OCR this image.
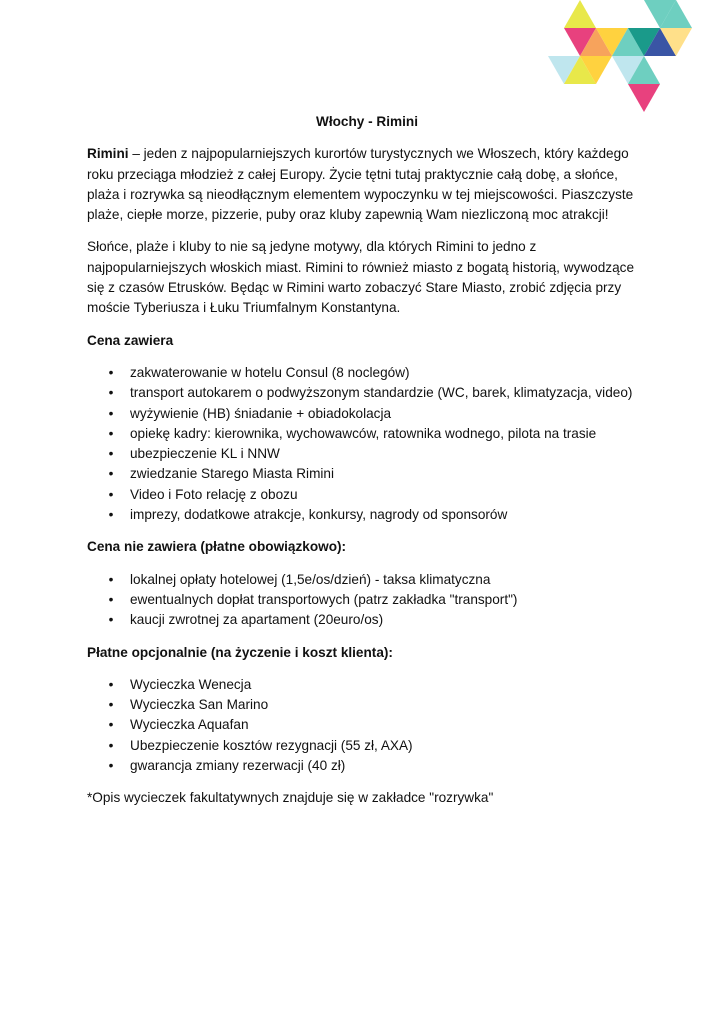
Włochy - Rimini

Rimini – jeden z najpopularniejszych kurortów turystycznych we Włoszech, który każdego roku przeciąga młodzież z całej Europy. Życie tętni tutaj praktycznie całą dobę, a słońce, plaża i rozrywka są nieodłącznym elementem wypoczynku w tej miejscowości. Piaszczyste plaże, ciepłe morze, pizzerie, puby oraz kluby zapewnią Wam niezliczoną moc atrakcji!

Słońce, plaże i kluby to nie są jedyne motywy, dla których Rimini to jedno z najpopularniejszych włoskich miast. Rimini to również miasto z bogatą historią, wywodzące się z czasów Etrusków. Będąc w Rimini warto zobaczyć Stare Miasto, zrobić zdjęcia przy moście Tyberiusza i Łuku Triumfalnym Konstantyna.

Cena zawiera
• zakwaterowanie w hotelu Consul (8 noclegów)
• transport autokarem o podwyższonym standardzie (WC, barek, klimatyzacja, video)
• wyżywienie (HB) śniadanie + obiadokolacja
• opiekę kadry: kierownika, wychowawców, ratownika wodnego, pilota na trasie
• ubezpieczenie KL i NNW
• zwiedzanie Starego Miasta Rimini
• Video i Foto relację z obozu
• imprezy, dodatkowe atrakcje, konkursy, nagrody od sponsorów
Cena nie zawiera (płatne obowiązkowo):
• lokalnej opłaty hotelowej (1,5e/os/dzień) - taksa klimatyczna
• ewentualnych dopłat transportowych (patrz zakładka "transport")
• kaucji zwrotnej za apartament (20euro/os)
Płatne opcjonalnie (na życzenie i koszt klienta):
• Wycieczka Wenecja
• Wycieczka San Marino
• Wycieczka Aquafan
• Ubezpieczenie kosztów rezygnacji (55 zł, AXA)
• gwarancja zmiany rezerwacji (40 zł)

*Opis wycieczek fakultatywnych znajduje się w zakładce "rozrywka"
